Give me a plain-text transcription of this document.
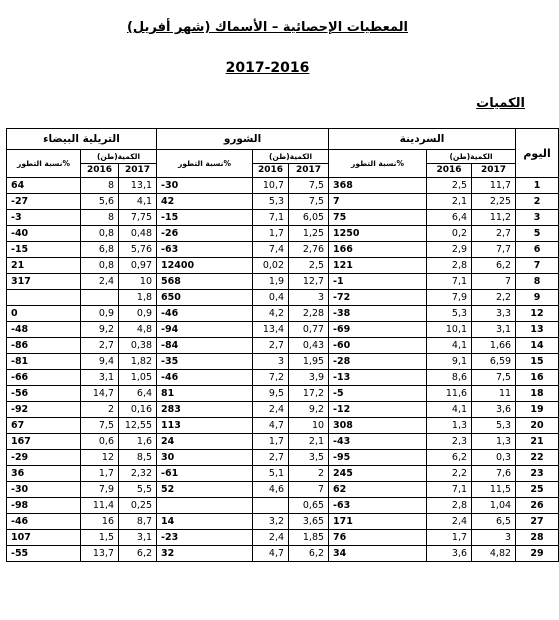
المعطيات الإحصائية – الأسماك (شهر أفريل)
2017-2016
الكميات
التريلية البيضاء			الشورو			السردينة			اليوم
نسبة التطور%	الكمية(طن)		نسبة التطور%	الكمية(طن)		نسبة التطور%	الكمية(طن)		
	2016	2017		2016	2017		2016	2017	
64	8	13,1	-30	10,7	7,5	368	2,5	11,7	1
-27	5,6	4,1	42	5,3	7,5	7	2,1	2,25	2
-3	8	7,75	-15	7,1	6,05	75	6,4	11,2	3
-40	0,8	0,48	-26	1,7	1,25	1250	0,2	2,7	5
-15	6,8	5,76	-63	7,4	2,76	166	2,9	7,7	6
21	0,8	0,97	12400	0,02	2,5	121	2,8	6,2	7
317	2,4	10	568	1,9	12,7	-1	7,1	7	8
		1,8	650	0,4	3	-72	7,9	2,2	9
0	0,9	0,9	-46	4,2	2,28	-38	5,3	3,3	12
-48	9,2	4,8	-94	13,4	0,77	-69	10,1	3,1	13
-86	2,7	0,38	-84	2,7	0,43	-60	4,1	1,66	14
-81	9,4	1,82	-35	3	1,95	-28	9,1	6,59	15
-66	3,1	1,05	-46	7,2	3,9	-13	8,6	7,5	16
-56	14,7	6,4	81	9,5	17,2	-5	11,6	11	18
-92	2	0,16	283	2,4	9,2	-12	4,1	3,6	19
67	7,5	12,55	113	4,7	10	308	1,3	5,3	20
167	0,6	1,6	24	1,7	2,1	-43	2,3	1,3	21
-29	12	8,5	30	2,7	3,5	-95	6,2	0,3	22
36	1,7	2,32	-61	5,1	2	245	2,2	7,6	23
-30	7,9	5,5	52	4,6	7	62	7,1	11,5	25
-98	11,4	0,25			0,65	-63	2,8	1,04	26
-46	16	8,7	14	3,2	3,65	171	2,4	6,5	27
107	1,5	3,1	-23	2,4	1,85	76	1,7	3	28
-55	13,7	6,2	32	4,7	6,2	34	3,6	4,82	29
